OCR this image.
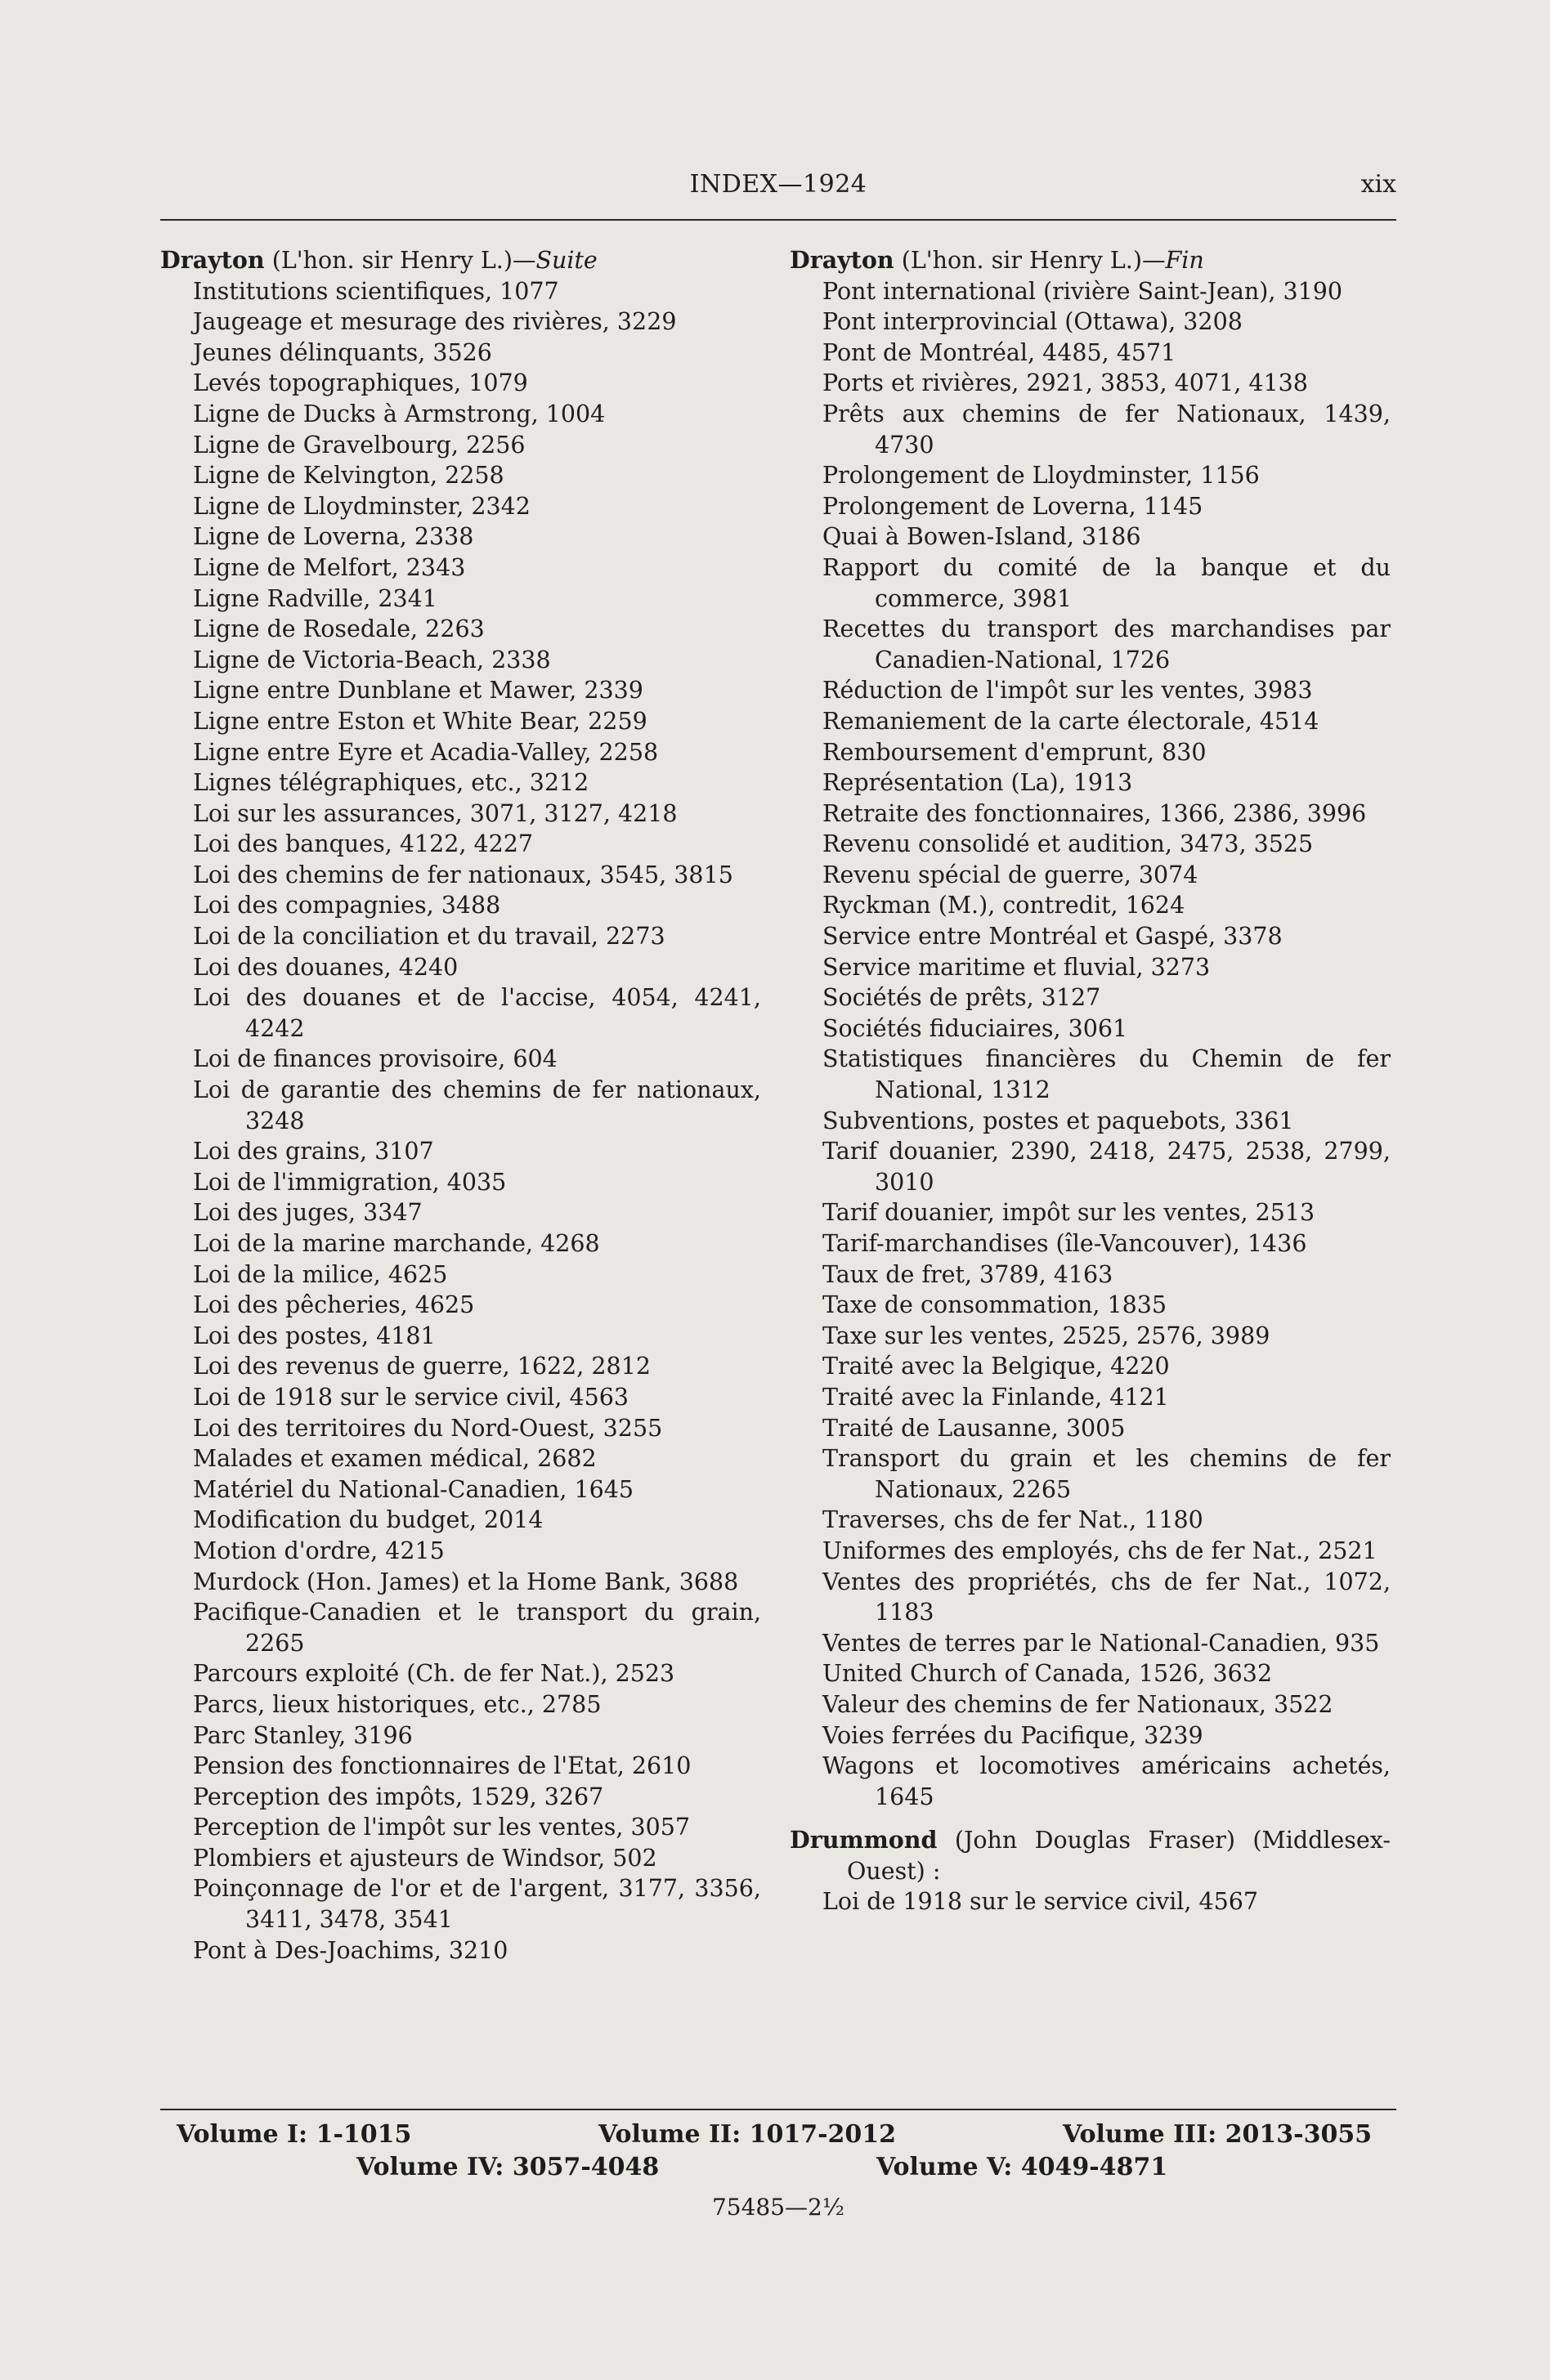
INDEX—1924	xix
Drayton (L'hon. sir Henry L.)—Suite
Institutions scientifiques, 1077
Jaugeage et mesurage des rivières, 3229
Jeunes délinquants, 3526
Levés topographiques, 1079
Ligne de Ducks à Armstrong, 1004
Ligne de Gravelbourg, 2256
Ligne de Kelvington, 2258
Ligne de Lloydminster, 2342
Ligne de Loverna, 2338
Ligne de Melfort, 2343
Ligne Radville, 2341
Ligne de Rosedale, 2263
Ligne de Victoria-Beach, 2338
Ligne entre Dunblane et Mawer, 2339
Ligne entre Eston et White Bear, 2259
Ligne entre Eyre et Acadia-Valley, 2258
Lignes télégraphiques, etc., 3212
Loi sur les assurances, 3071, 3127, 4218
Loi des banques, 4122, 4227
Loi des chemins de fer nationaux, 3545, 3815
Loi des compagnies, 3488
Loi de la conciliation et du travail, 2273
Loi des douanes, 4240
Loi des douanes et de l'accise, 4054, 4241, 4242
Loi de finances provisoire, 604
Loi de garantie des chemins de fer nationaux, 3248
Loi des grains, 3107
Loi de l'immigration, 4035
Loi des juges, 3347
Loi de la marine marchande, 4268
Loi de la milice, 4625
Loi des pêcheries, 4625
Loi des postes, 4181
Loi des revenus de guerre, 1622, 2812
Loi de 1918 sur le service civil, 4563
Loi des territoires du Nord-Ouest, 3255
Malades et examen médical, 2682
Matériel du National-Canadien, 1645
Modification du budget, 2014
Motion d'ordre, 4215
Murdock (Hon. James) et la Home Bank, 3688
Pacifique-Canadien et le transport du grain, 2265
Parcours exploité (Ch. de fer Nat.), 2523
Parcs, lieux historiques, etc., 2785
Parc Stanley, 3196
Pension des fonctionnaires de l'Etat, 2610
Perception des impôts, 1529, 3267
Perception de l'impôt sur les ventes, 3057
Plombiers et ajusteurs de Windsor, 502
Poinçonnage de l'or et de l'argent, 3177, 3356, 3411, 3478, 3541
Pont à Des-Joachims, 3210
Drayton (L'hon. sir Henry L.)—Fin
Pont international (rivière Saint-Jean), 3190
Pont interprovincial (Ottawa), 3208
Pont de Montréal, 4485, 4571
Ports et rivières, 2921, 3853, 4071, 4138
Prêts aux chemins de fer Nationaux, 1439, 4730
Prolongement de Lloydminster, 1156
Prolongement de Loverna, 1145
Quai à Bowen-Island, 3186
Rapport du comité de la banque et du commerce, 3981
Recettes du transport des marchandises par Canadien-National, 1726
Réduction de l'impôt sur les ventes, 3983
Remaniement de la carte électorale, 4514
Remboursement d'emprunt, 830
Représentation (La), 1913
Retraite des fonctionnaires, 1366, 2386, 3996
Revenu consolidé et audition, 3473, 3525
Revenu spécial de guerre, 3074
Ryckman (M.), contredit, 1624
Service entre Montréal et Gaspé, 3378
Service maritime et fluvial, 3273
Sociétés de prêts, 3127
Sociétés fiduciaires, 3061
Statistiques financières du Chemin de fer National, 1312
Subventions, postes et paquebots, 3361
Tarif douanier, 2390, 2418, 2475, 2538, 2799, 3010
Tarif douanier, impôt sur les ventes, 2513
Tarif-marchandises (île-Vancouver), 1436
Taux de fret, 3789, 4163
Taxe de consommation, 1835
Taxe sur les ventes, 2525, 2576, 3989
Traité avec la Belgique, 4220
Traité avec la Finlande, 4121
Traité de Lausanne, 3005
Transport du grain et les chemins de fer Nationaux, 2265
Traverses, chs de fer Nat., 1180
Uniformes des employés, chs de fer Nat., 2521
Ventes des propriétés, chs de fer Nat., 1072, 1183
Ventes de terres par le National-Canadien, 935
United Church of Canada, 1526, 3632
Valeur des chemins de fer Nationaux, 3522
Voies ferrées du Pacifique, 3239
Wagons et locomotives américains achetés, 1645
Drummond (John Douglas Fraser) (Middlesex-Ouest) :
Loi de 1918 sur le service civil, 4567
Volume I: 1-1015	Volume II: 1017-2012	Volume III: 2013-3055
Volume IV: 3057-4048	Volume V: 4049-4871
75485—2½
